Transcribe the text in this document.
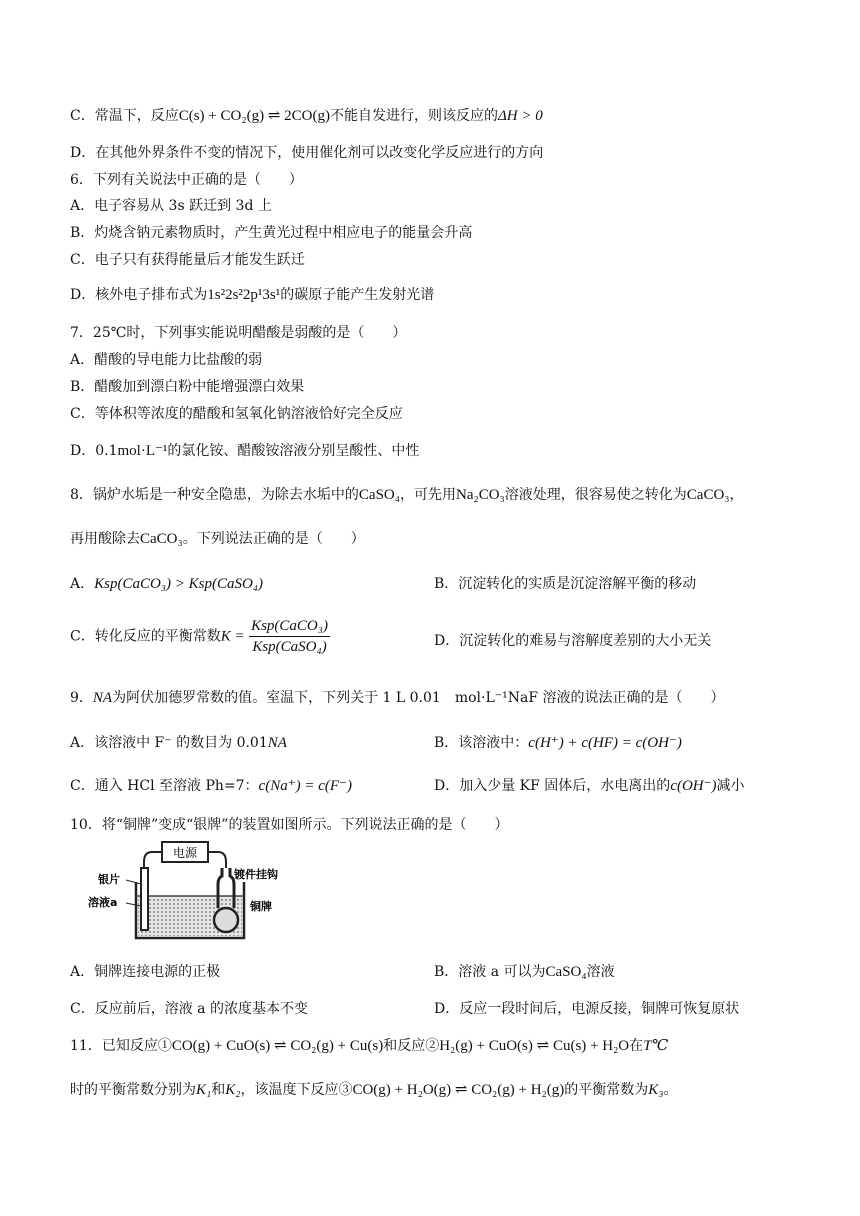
C．常温下，反应C(s) + CO₂(g) ⇌ 2CO(g)不能自发进行，则该反应的ΔH > 0
D．在其他外界条件不变的情况下，使用催化剂可以改变化学反应进行的方向
6．下列有关说法中正确的是（　　）
A．电子容易从 3s 跃迁到 3d 上
B．灼烧含钠元素物质时，产生黄光过程中相应电子的能量会升高
C．电子只有获得能量后才能发生跃迁
D．核外电子排布式为1s²2s²2p¹3s¹的碳原子能产生发射光谱
7．25℃时，下列事实能说明醋酸是弱酸的是（　　）
A．醋酸的导电能力比盐酸的弱
B．醋酸加到漂白粉中能增强漂白效果
C．等体积等浓度的醋酸和氢氧化钠溶液恰好完全反应
D．0.1mol·L⁻¹的氯化铵、醋酸铵溶液分别呈酸性、中性
8．锅炉水垢是一种安全隐患，为除去水垢中的CaSO₄，可先用Na₂CO₃溶液处理，很容易使之转化为CaCO₃，
再用酸除去CaCO₃。下列说法正确的是（　　）
A．Ksp(CaCO₃) > Ksp(CaSO₄)	B．沉淀转化的实质是沉淀溶解平衡的移动
C．转化反应的平衡常数$K = \frac{\text{Ksp(CaCO₃)}}{\text{Ksp(CaSO₄)}}$	D．沉淀转化的难易与溶解度差别的大小无关
9．NA为阿伏加德罗常数的值。室温下，下列关于 1 L 0.01　mol·L⁻¹NaF 溶液的说法正确的是（　　）
A．该溶液中 F⁻ 的数目为 0.01NA	B．该溶液中：c(H⁺) + c(HF) = c(OH⁻)
C．通入 HCl 至溶液 Ph=7：c(Na⁺) = c(F⁻)	D．加入少量 KF 固体后，水电离出的c(OH⁻)减小
10．将“铜牌”变成“银牌”的装置如图所示。下列说法正确的是（　　）
电源
银片
溶液a
镀件挂钩
铜牌
A．铜牌连接电源的正极	B．溶液 a 可以为CaSO₄溶液
C．反应前后，溶液 a 的浓度基本不变	D．反应一段时间后，电源反接，铜牌可恢复原状
11．已知反应①CO(g) + CuO(s) ⇌ CO₂(g) + Cu(s)和反应②H₂(g) + CuO(s) ⇌ Cu(s) + H₂O在T℃
时的平衡常数分别为K₁和K₂，该温度下反应③CO(g) + H₂O(g) ⇌ CO₂(g) + H₂(g)的平衡常数为K₃。
